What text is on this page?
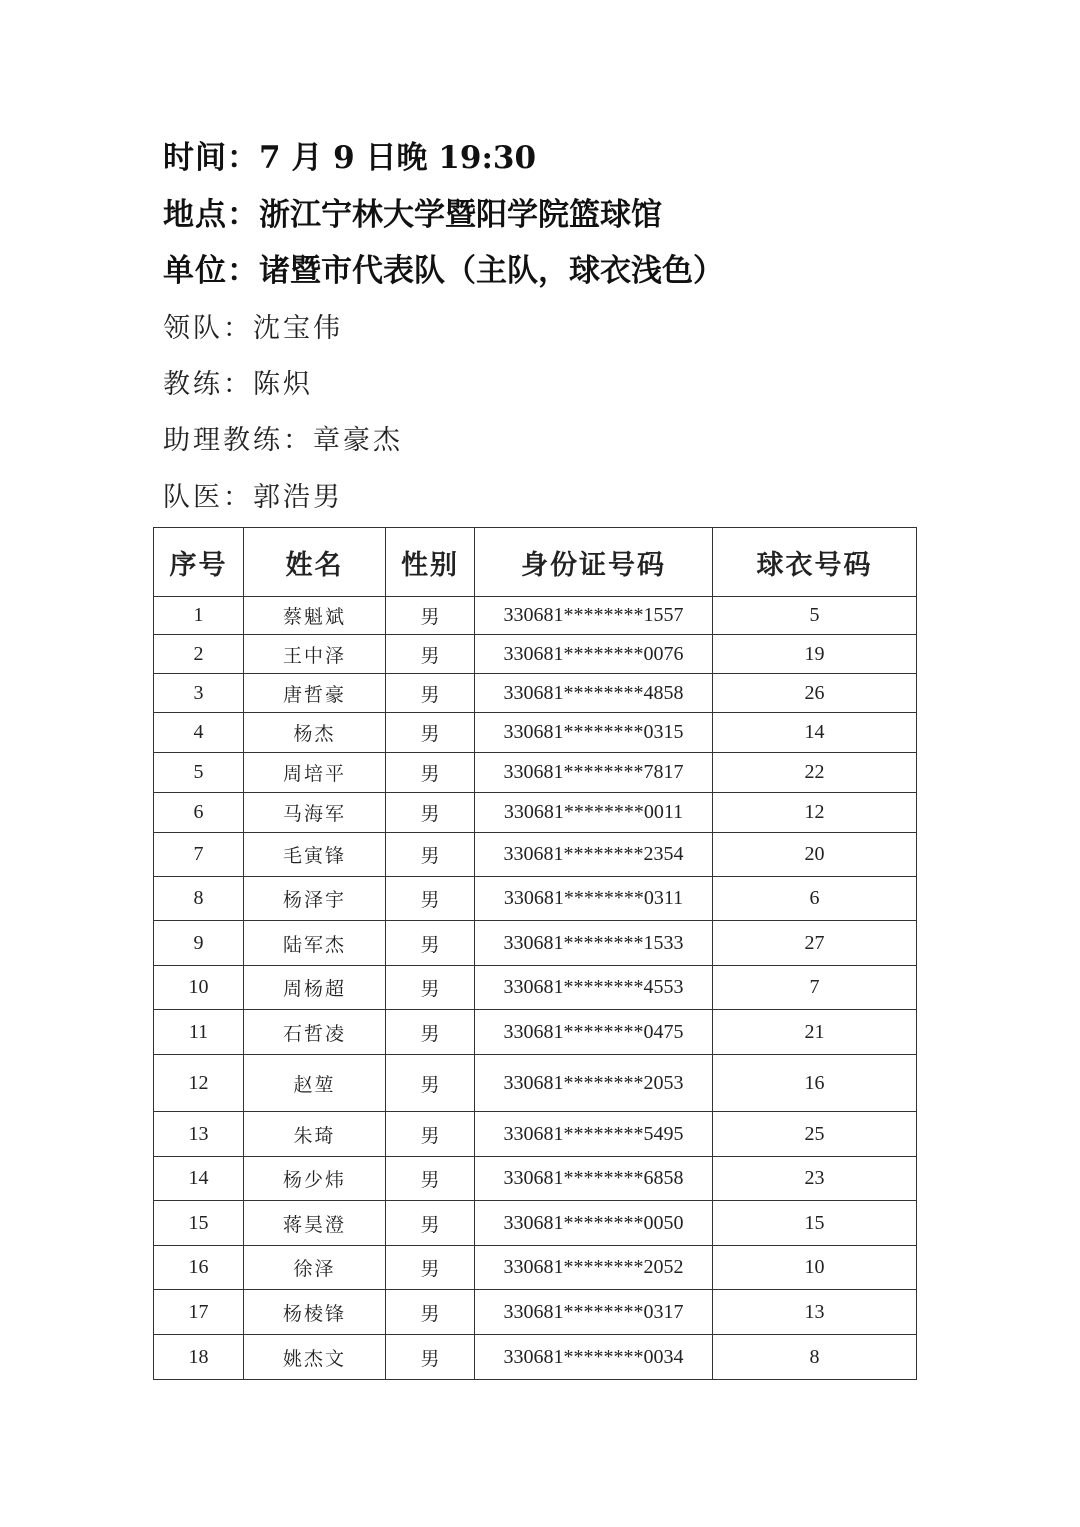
时间：7 月 9 日晚 19:30
地点：浙江宁林大学暨阳学院篮球馆
单位：诸暨市代表队（主队，球衣浅色）
领队：沈宝伟
教练：陈炽
助理教练：章豪杰
队医：郭浩男
序号	姓名	性别	身份证号码	球衣号码
1	蔡魁斌	男	330681********1557	5
2	王中泽	男	330681********0076	19
3	唐哲豪	男	330681********4858	26
4	杨杰	男	330681********0315	14
5	周培平	男	330681********7817	22
6	马海军	男	330681********0011	12
7	毛寅锋	男	330681********2354	20
8	杨泽宇	男	330681********0311	6
9	陆军杰	男	330681********1533	27
10	周杨超	男	330681********4553	7
11	石哲凌	男	330681********0475	21
12	赵堃	男	330681********2053	16
13	朱琦	男	330681********5495	25
14	杨少炜	男	330681********6858	23
15	蒋昊澄	男	330681********0050	15
16	徐泽	男	330681********2052	10
17	杨棱锋	男	330681********0317	13
18	姚杰文	男	330681********0034	8
